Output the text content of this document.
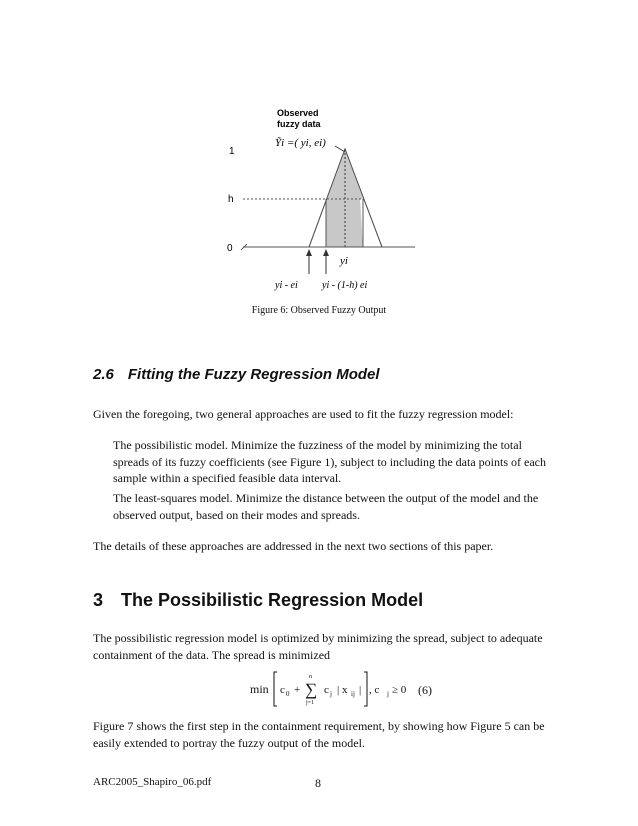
Observed
fuzzy data
Ỹi =( yi, ei)
1
h
0
yi
yi - ei yi - (1-h) ei
Figure 6: Observed Fuzzy Output
2.6 Fitting the Fuzzy Regression Model

Given the foregoing, two general approaches are used to fit the fuzzy regression model:

The possibilistic model. Minimize the fuzziness of the model by minimizing the total spreads of its fuzzy coefficients (see Figure 1), subject to including the data points of each sample within a specified feasible data interval.

The least-squares model. Minimize the distance between the output of the model and the observed output, based on their modes and spreads.

The details of these approaches are addressed in the next two sections of this paper.

3 The Possibilistic Regression Model

The possibilistic regression model is optimized by minimizing the spread, subject to adequate containment of the data. The spread is minimized

min c 0 +
n
∑
j=1
c j | x ij | , c j ≥ 0 (6)

Figure 7 shows the first step in the containment requirement, by showing how Figure 5 can be easily extended to portray the fuzzy output of the model.

ARC2005_Shapiro_06.pdf	8
